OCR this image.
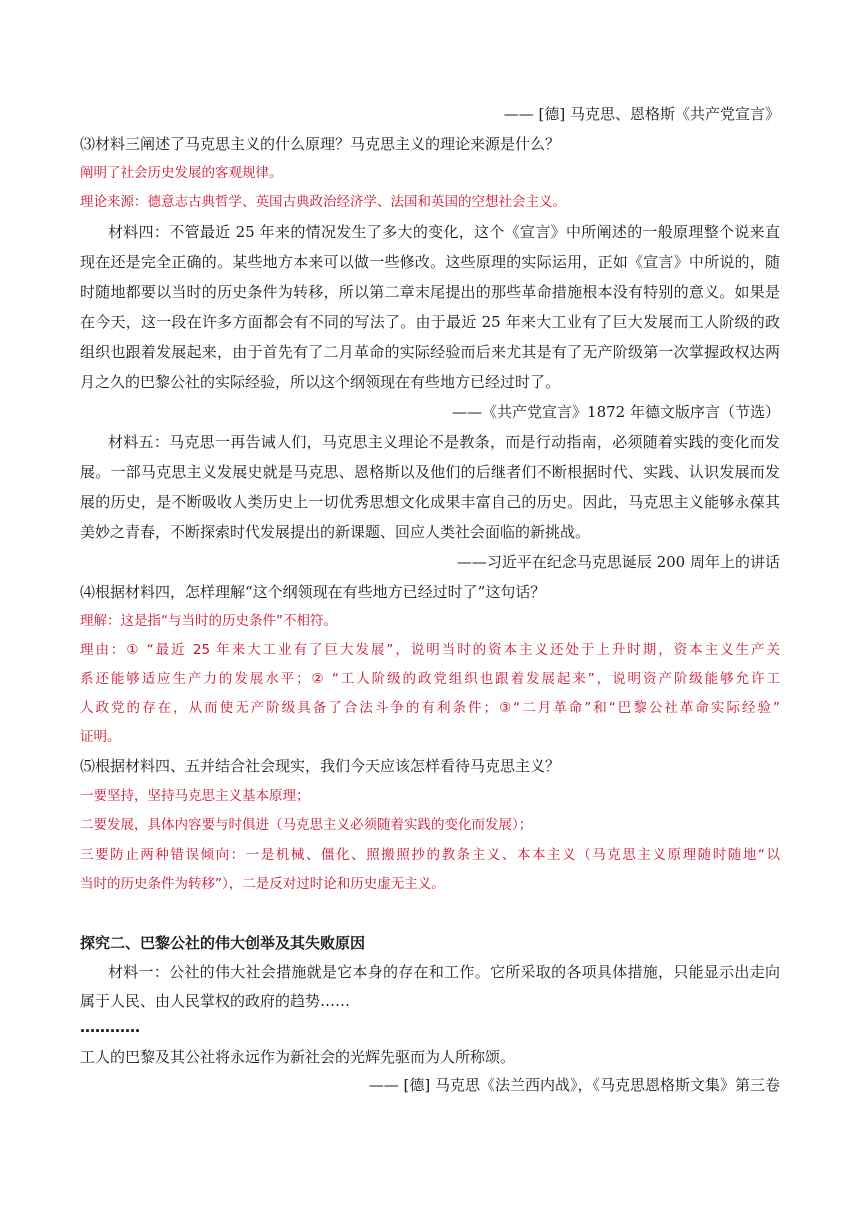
—— [德] 马克思、恩格斯《共产党宣言》
⑶材料三阐述了马克思主义的什么原理？马克思主义的理论来源是什么？
阐明了社会历史发展的客观规律。
理论来源：德意志古典哲学、英国古典政治经济学、法国和英国的空想社会主义。
材料四：不管最近 25 年来的情况发生了多大的变化，这个《宣言》中所阐述的一般原理整个说来直
现在还是完全正确的。某些地方本来可以做一些修改。这些原理的实际运用，正如《宣言》中所说的，随
时随地都要以当时的历史条件为转移，所以第二章末尾提出的那些革命措施根本没有特别的意义。如果是
在今天，这一段在许多方面都会有不同的写法了。由于最近 25 年来大工业有了巨大发展而工人阶级的政
组织也跟着发展起来，由于首先有了二月革命的实际经验而后来尤其是有了无产阶级第一次掌握政权达两
月之久的巴黎公社的实际经验，所以这个纲领现在有些地方已经过时了。
——《共产党宣言》1872 年德文版序言（节选）
材料五：马克思一再告诫人们，马克思主义理论不是教条，而是行动指南，必须随着实践的变化而发
展。一部马克思主义发展史就是马克思、恩格斯以及他们的后继者们不断根据时代、实践、认识发展而发
展的历史，是不断吸收人类历史上一切优秀思想文化成果丰富自己的历史。因此，马克思主义能够永葆其
美妙之青春，不断探索时代发展提出的新课题、回应人类社会面临的新挑战。
——习近平在纪念马克思诞辰 200 周年上的讲话
⑷根据材料四，怎样理解“这个纲领现在有些地方已经过时了”这句话？
理解：这是指“与当时的历史条件”不相符。
理由：① “最近 25 年来大工业有了巨大发展”，说明当时的资本主义还处于上升时期，资本主义生产关
系还能够适应生产力的发展水平；② “工人阶级的政党组织也跟着发展起来”，说明资产阶级能够允许工
人政党的存在，从而使无产阶级具备了合法斗争的有利条件；③“二月革命”和“巴黎公社革命实际经验”
证明。
⑸根据材料四、五并结合社会现实，我们今天应该怎样看待马克思主义？
一要坚持，坚持马克思主义基本原理；
二要发展，具体内容要与时俱进（马克思主义必须随着实践的变化而发展）；
三要防止两种错误倾向：一是机械、僵化、照搬照抄的教条主义、本本主义（马克思主义原理随时随地“以
当时的历史条件为转移”），二是反对过时论和历史虚无主义。
探究二、巴黎公社的伟大创举及其失败原因
材料一：公社的伟大社会措施就是它本身的存在和工作。它所采取的各项具体措施，只能显示出走向
属于人民、由人民掌权的政府的趋势……
…………
工人的巴黎及其公社将永远作为新社会的光辉先驱而为人所称颂。
—— [德] 马克思《法兰西内战》，《马克思恩格斯文集》第三卷
